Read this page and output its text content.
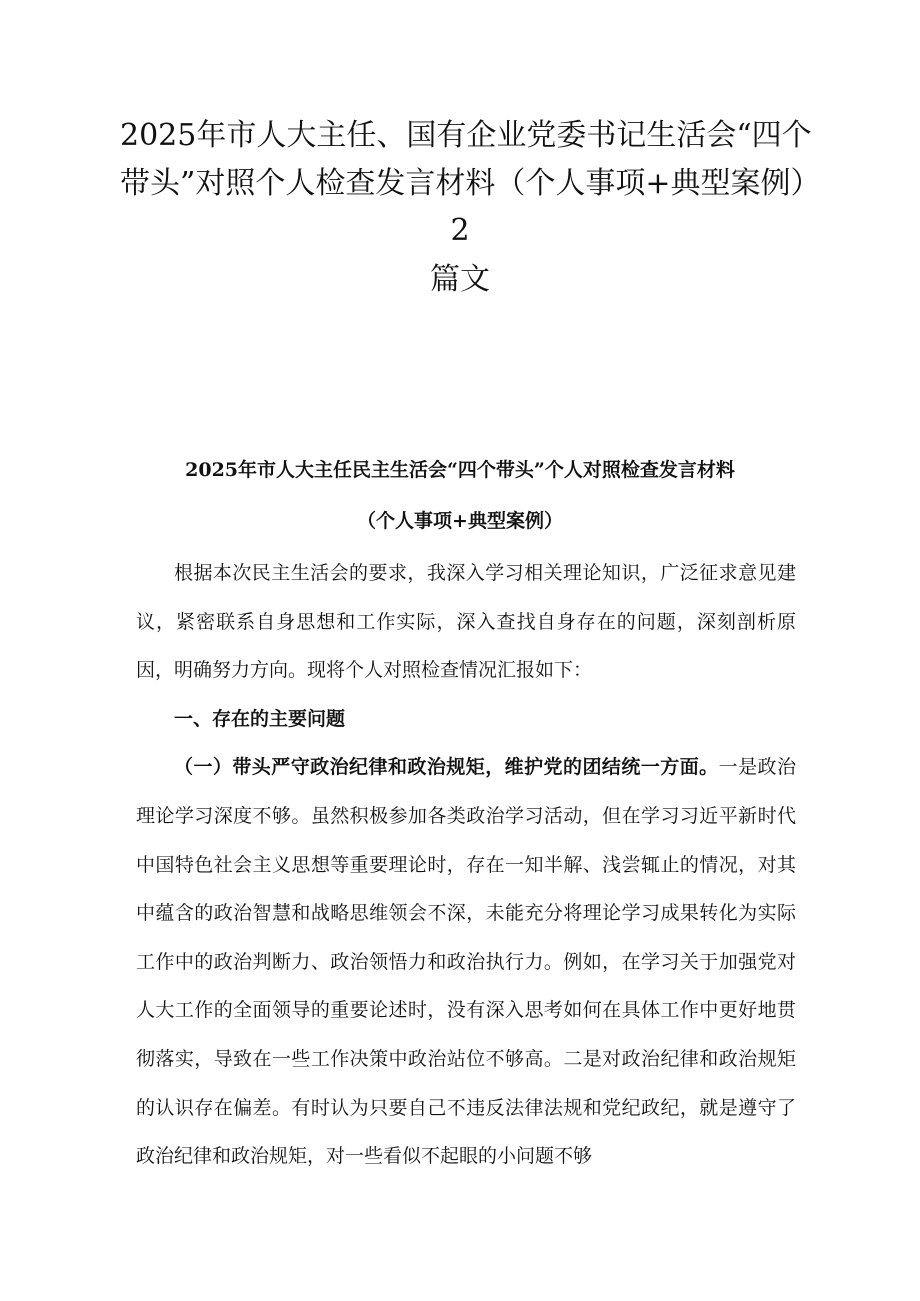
2025年市人大主任、国有企业党委书记生活会“四个
带头”对照个人检查发言材料（个人事项+典型案例）

2

篇文

2025年市人大主任民主生活会“四个带头”个人对照检查发言材料

（个人事项+典型案例）

根据本次民主生活会的要求，我深入学习相关理论知识，广泛征求意见建议，紧密联系自身思想和工作实际，深入查找自身存在的问题，深刻剖析原因，明确努力方向。现将个人对照检查情况汇报如下：

一、存在的主要问题

（一）带头严守政治纪律和政治规矩，维护党的团结统一方面。一是政治理论学习深度不够。虽然积极参加各类政治学习活动，但在学习习近平新时代中国特色社会主义思想等重要理论时，存在一知半解、浅尝辄止的情况，对其中蕴含的政治智慧和战略思维领会不深，未能充分将理论学习成果转化为实际工作中的政治判断力、政治领悟力和政治执行力。例如，在学习关于加强党对人大工作的全面领导的重要论述时，没有深入思考如何在具体工作中更好地贯彻落实，导致在一些工作决策中政治站位不够高。二是对政治纪律和政治规矩的认识存在偏差。有时认为只要自己不违反法律法规和党纪政纪，就是遵守了政治纪律和政治规矩，对一些看似不起眼的小问题不够
